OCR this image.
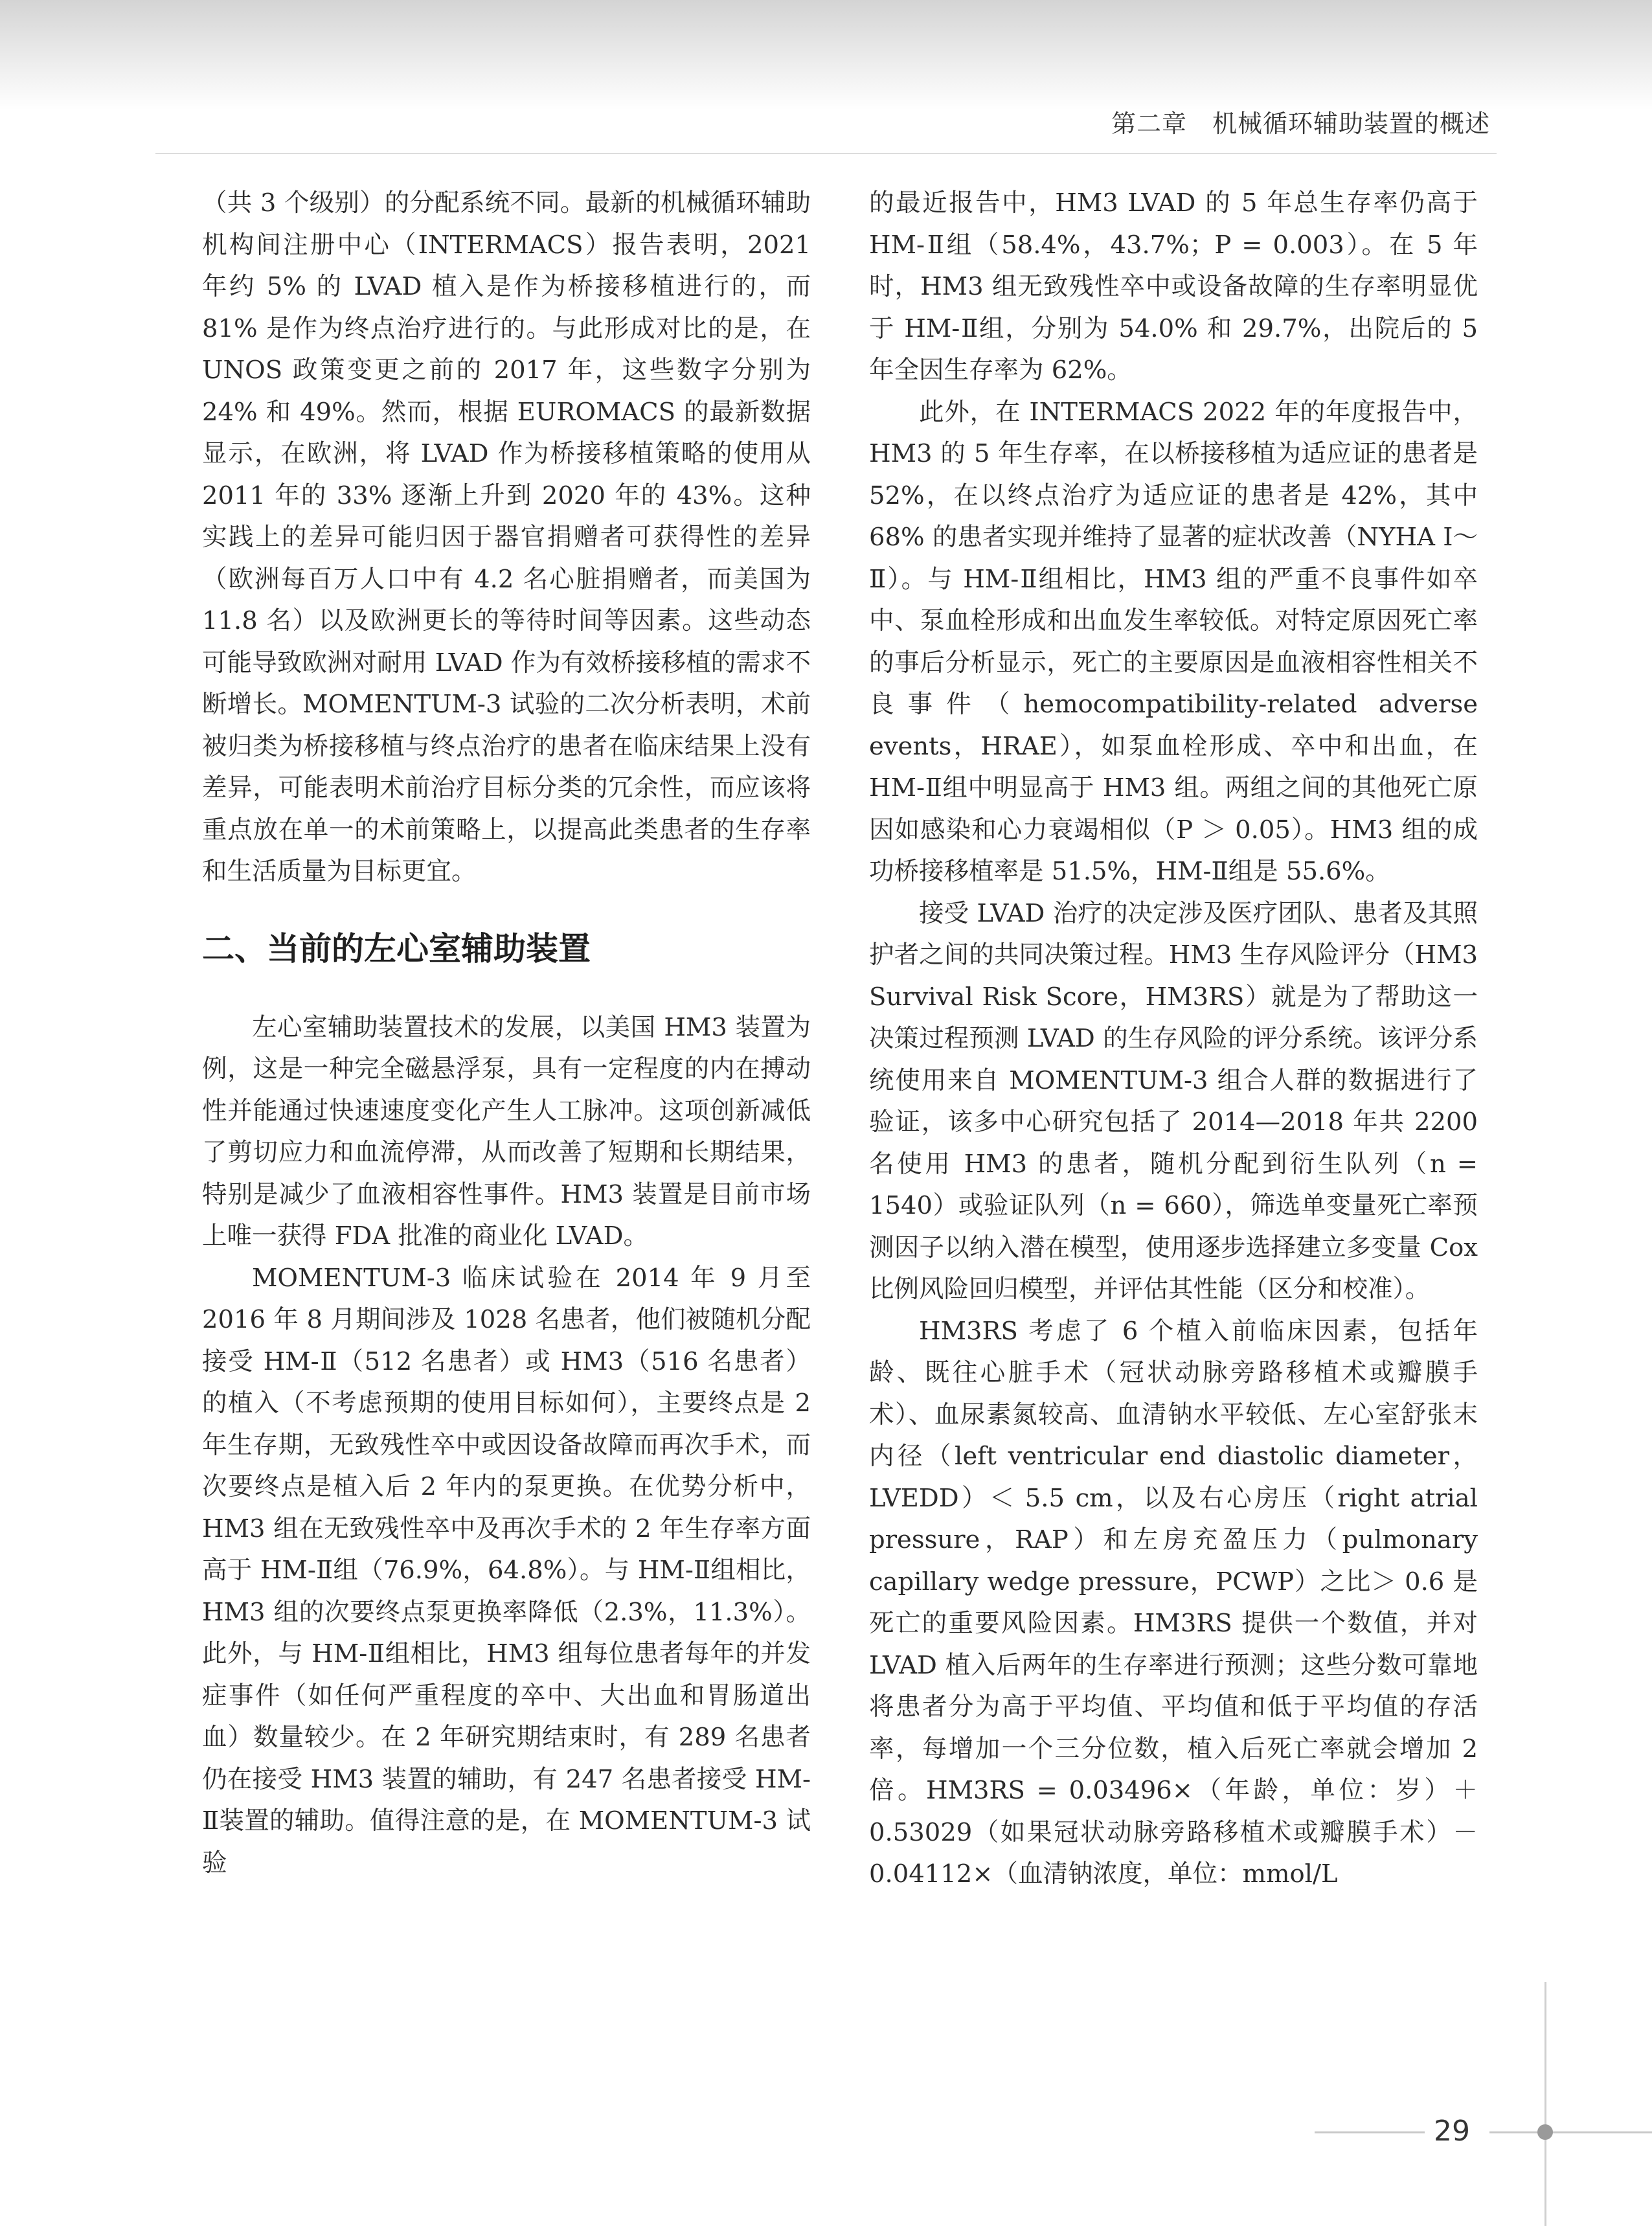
第二章　机械循环辅助装置的概述

（共 3 个级别）的分配系统不同。最新的机械循环辅助机构间注册中心（INTERMACS）报告表明，2021 年约 5% 的 LVAD 植入是作为桥接移植进行的，而 81% 是作为终点治疗进行的。与此形成对比的是，在 UNOS 政策变更之前的 2017 年，这些数字分别为 24% 和 49%。然而，根据 EUROMACS 的最新数据显示，在欧洲，将 LVAD 作为桥接移植策略的使用从 2011 年的 33% 逐渐上升到 2020 年的 43%。这种实践上的差异可能归因于器官捐赠者可获得性的差异（欧洲每百万人口中有 4.2 名心脏捐赠者，而美国为 11.8 名）以及欧洲更长的等待时间等因素。这些动态可能导致欧洲对耐用 LVAD 作为有效桥接移植的需求不断增长。MOMENTUM-3 试验的二次分析表明，术前被归类为桥接移植与终点治疗的患者在临床结果上没有差异，可能表明术前治疗目标分类的冗余性，而应该将重点放在单一的术前策略上，以提高此类患者的生存率和生活质量为目标更宜。

二、当前的左心室辅助装置

左心室辅助装置技术的发展，以美国 HM3 装置为例，这是一种完全磁悬浮泵，具有一定程度的内在搏动性并能通过快速速度变化产生人工脉冲。这项创新减低了剪切应力和血流停滞，从而改善了短期和长期结果，特别是减少了血液相容性事件。HM3 装置是目前市场上唯一获得 FDA 批准的商业化 LVAD。

MOMENTUM-3 临床试验在 2014 年 9 月至 2016 年 8 月期间涉及 1028 名患者，他们被随机分配接受 HM-Ⅱ（512 名患者）或 HM3（516 名患者）的植入（不考虑预期的使用目标如何），主要终点是 2 年生存期，无致残性卒中或因设备故障而再次手术，而次要终点是植入后 2 年内的泵更换。在优势分析中，HM3 组在无致残性卒中及再次手术的 2 年生存率方面高于 HM-Ⅱ组（76.9%，64.8%）。与 HM-Ⅱ组相比，HM3 组的次要终点泵更换率降低（2.3%，11.3%）。此外，与 HM-Ⅱ组相比，HM3 组每位患者每年的并发症事件（如任何严重程度的卒中、大出血和胃肠道出血）数量较少。在 2 年研究期结束时，有 289 名患者仍在接受 HM3 装置的辅助，有 247 名患者接受 HM-Ⅱ装置的辅助。值得注意的是，在 MOMENTUM-3 试验

的最近报告中，HM3 LVAD 的 5 年总生存率仍高于 HM-Ⅱ组（58.4%，43.7%；P = 0.003）。在 5 年时，HM3 组无致残性卒中或设备故障的生存率明显优于 HM-Ⅱ组，分别为 54.0% 和 29.7%，出院后的 5 年全因生存率为 62%。

此外，在 INTERMACS 2022 年的年度报告中，HM3 的 5 年生存率，在以桥接移植为适应证的患者是 52%，在以终点治疗为适应证的患者是 42%，其中 68% 的患者实现并维持了显著的症状改善（NYHA Ⅰ～Ⅱ）。与 HM-Ⅱ组相比，HM3 组的严重不良事件如卒中、泵血栓形成和出血发生率较低。对特定原因死亡率的事后分析显示，死亡的主要原因是血液相容性相关不良事件（hemocompatibility-related adverse events，HRAE），如泵血栓形成、卒中和出血，在 HM-Ⅱ组中明显高于 HM3 组。两组之间的其他死亡原因如感染和心力衰竭相似（P ＞ 0.05）。HM3 组的成功桥接移植率是 51.5%，HM-Ⅱ组是 55.6%。

接受 LVAD 治疗的决定涉及医疗团队、患者及其照护者之间的共同决策过程。HM3 生存风险评分（HM3 Survival Risk Score，HM3RS）就是为了帮助这一决策过程预测 LVAD 的生存风险的评分系统。该评分系统使用来自 MOMENTUM-3 组合人群的数据进行了验证，该多中心研究包括了 2014—2018 年共 2200 名使用 HM3 的患者，随机分配到衍生队列（n = 1540）或验证队列（n = 660），筛选单变量死亡率预测因子以纳入潜在模型，使用逐步选择建立多变量 Cox 比例风险回归模型，并评估其性能（区分和校准）。

HM3RS 考虑了 6 个植入前临床因素，包括年龄、既往心脏手术（冠状动脉旁路移植术或瓣膜手术）、血尿素氮较高、血清钠水平较低、左心室舒张末内径（left ventricular end diastolic diameter，LVEDD）＜ 5.5 cm，以及右心房压（right atrial pressure，RAP）和左房充盈压力（pulmonary capillary wedge pressure，PCWP）之比＞ 0.6 是死亡的重要风险因素。HM3RS 提供一个数值，并对 LVAD 植入后两年的生存率进行预测；这些分数可靠地将患者分为高于平均值、平均值和低于平均值的存活率，每增加一个三分位数，植入后死亡率就会增加 2 倍。HM3RS = 0.03496×（年龄，单位：岁）＋0.53029（如果冠状动脉旁路移植术或瓣膜手术）－0.04112×（血清钠浓度，单位：mmol/L

29
